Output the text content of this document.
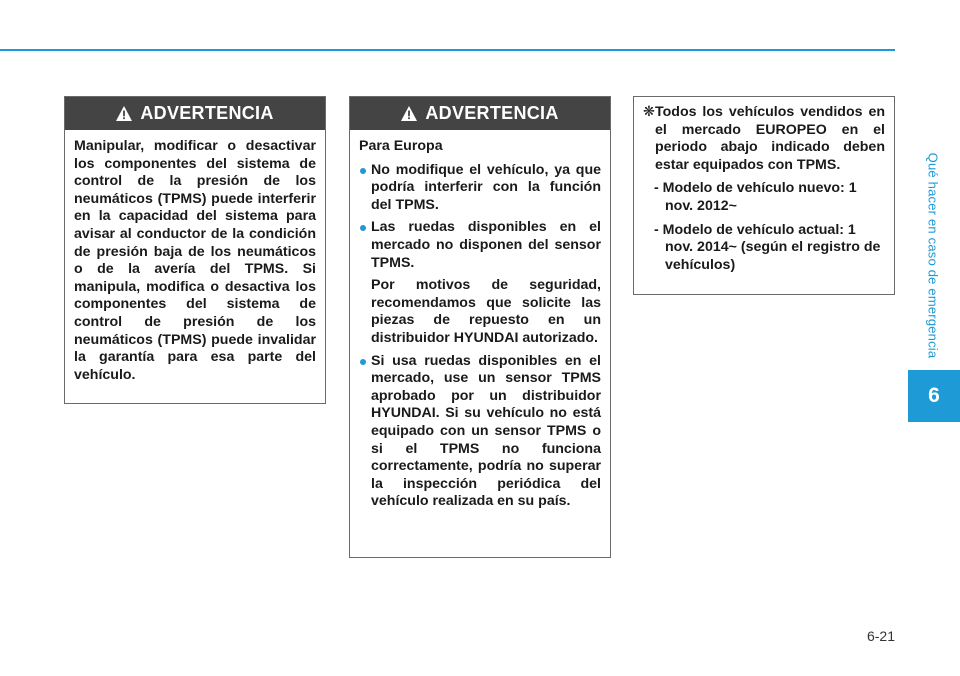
Qué hacer en caso de emergencia
6
ADVERTENCIA
Manipular, modificar o desactivar los componentes del sistema de control de la presión de los neumáticos (TPMS) puede interferir en la capacidad del sistema para avisar al conductor de la condición de presión baja de los neumáticos o de la avería del TPMS. Si manipula, modifica o desactiva los componentes del sistema de control de presión de los neumáticos (TPMS) puede invalidar la garantía para esa parte del vehículo.
ADVERTENCIA
Para Europa
No modifique el vehículo, ya que podría interferir con la función del TPMS.
Las ruedas disponibles en el mercado no disponen del sensor TPMS.
Por motivos de seguridad, recomendamos que solicite las piezas de repuesto en un distribuidor HYUNDAI autorizado.
Si usa ruedas disponibles en el mercado, use un sensor TPMS aprobado por un distribuidor HYUNDAI. Si su vehículo no está equipado con un sensor TPMS o si el TPMS no funciona correctamente, podría no superar la inspección periódica del vehículo realizada en su país.
❋ Todos los vehículos vendidos en el mercado EUROPEO en el periodo abajo indicado deben estar equipados con TPMS.
- Modelo de vehículo nuevo: 1 nov. 2012~
- Modelo de vehículo actual: 1 nov. 2014~ (según el registro de vehículos)
6-21
